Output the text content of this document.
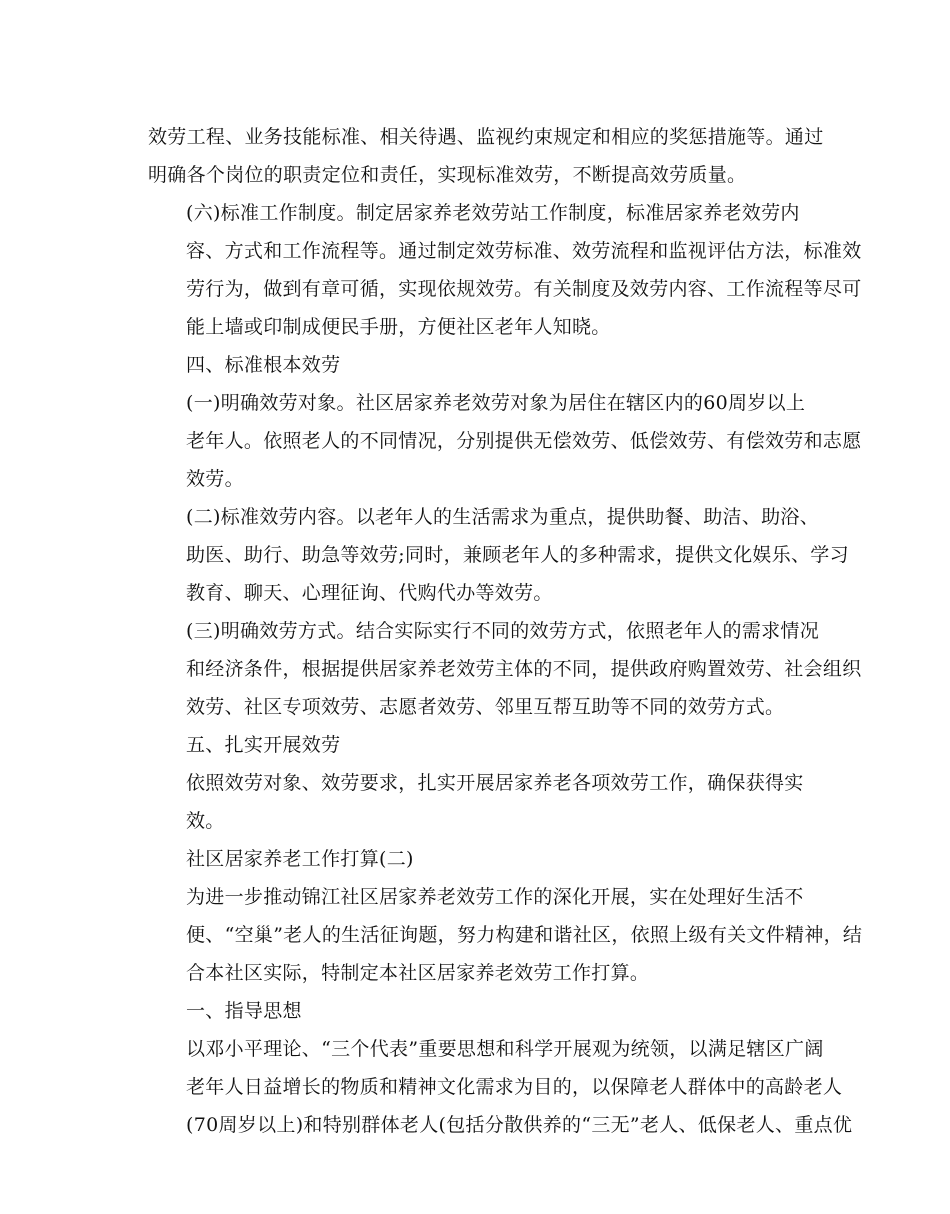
效劳工程、业务技能标准、相关待遇、监视约束规定和相应的奖惩措施等。通过
明确各个岗位的职责定位和责任，实现标准效劳，不断提高效劳质量。

(六)标准工作制度。制定居家养老效劳站工作制度，标准居家养老效劳内
容、方式和工作流程等。通过制定效劳标准、效劳流程和监视评估方法，标准效
劳行为，做到有章可循，实现依规效劳。有关制度及效劳内容、工作流程等尽可
能上墙或印制成便民手册，方便社区老年人知晓。

四、标准根本效劳

(一)明确效劳对象。社区居家养老效劳对象为居住在辖区内的60周岁以上
老年人。依照老人的不同情况，分别提供无偿效劳、低偿效劳、有偿效劳和志愿
效劳。

(二)标准效劳内容。以老年人的生活需求为重点，提供助餐、助洁、助浴、
助医、助行、助急等效劳;同时，兼顾老年人的多种需求，提供文化娱乐、学习
教育、聊天、心理征询、代购代办等效劳。

(三)明确效劳方式。结合实际实行不同的效劳方式，依照老年人的需求情况
和经济条件，根据提供居家养老效劳主体的不同，提供政府购置效劳、社会组织
效劳、社区专项效劳、志愿者效劳、邻里互帮互助等不同的效劳方式。

五、扎实开展效劳

依照效劳对象、效劳要求，扎实开展居家养老各项效劳工作，确保获得实
效。

社区居家养老工作打算(二)

为进一步推动锦江社区居家养老效劳工作的深化开展，实在处理好生活不
便、“空巢”老人的生活征询题，努力构建和谐社区，依照上级有关文件精神，结
合本社区实际，特制定本社区居家养老效劳工作打算。

一、指导思想

以邓小平理论、“三个代表”重要思想和科学开展观为统领，以满足辖区广阔
老年人日益增长的物质和精神文化需求为目的，以保障老人群体中的高龄老人
(70周岁以上)和特别群体老人(包括分散供养的“三无”老人、低保老人、重点优
